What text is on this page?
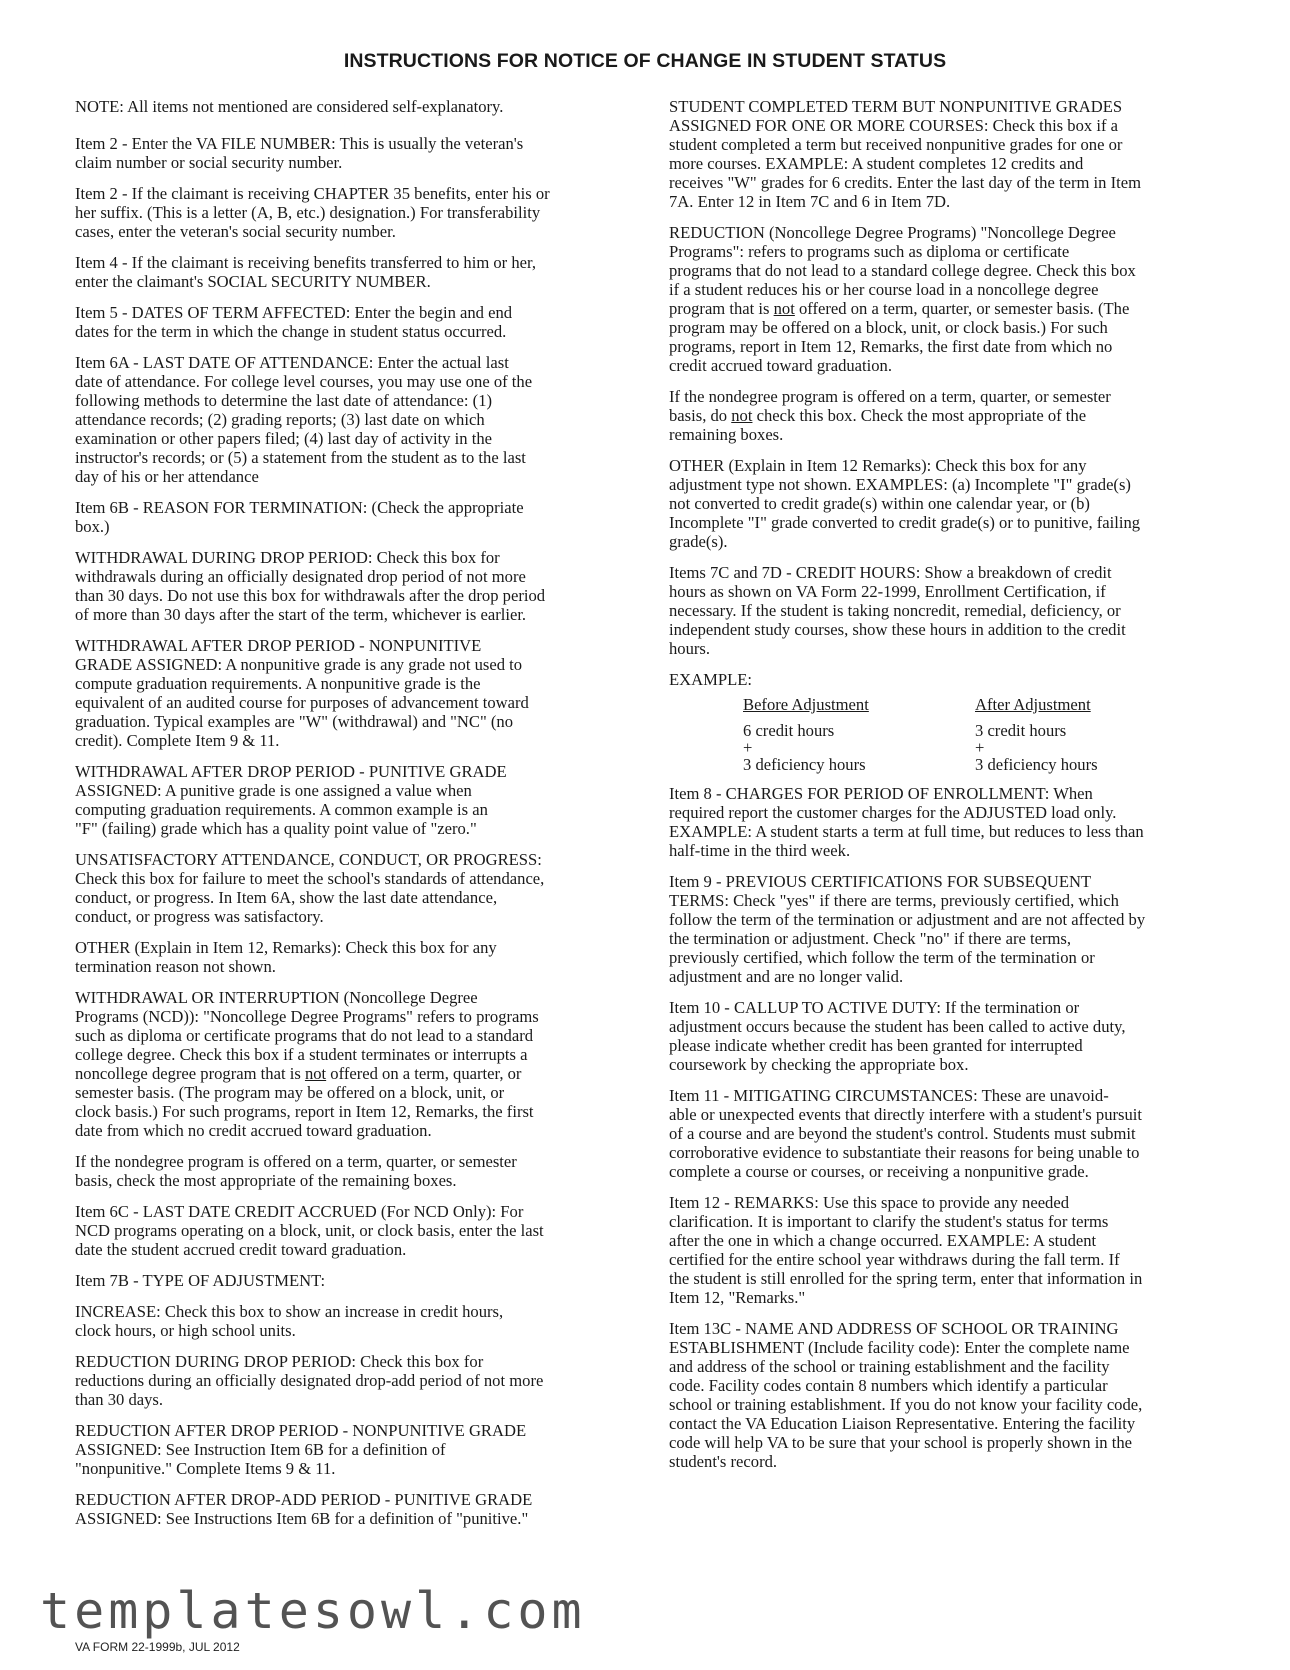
INSTRUCTIONS FOR NOTICE OF CHANGE IN STUDENT STATUS

NOTE: All items not mentioned are considered self-explanatory.

Item 2 - Enter the VA FILE NUMBER: This is usually the veteran's
claim number or social security number.

Item 2 - If the claimant is receiving CHAPTER 35 benefits, enter his or
her suffix. (This is a letter (A, B, etc.) designation.) For transferability
cases, enter the veteran's social security number.

Item 4 - If the claimant is receiving benefits transferred to him or her,
enter the claimant's SOCIAL SECURITY NUMBER.

Item 5 - DATES OF TERM AFFECTED: Enter the begin and end
dates for the term in which the change in student status occurred.

Item 6A - LAST DATE OF ATTENDANCE: Enter the actual last
date of attendance. For college level courses, you may use one of the
following methods to determine the last date of attendance: (1)
attendance records; (2) grading reports; (3) last date on which
examination or other papers filed; (4) last day of activity in the
instructor's records; or (5) a statement from the student as to the last
day of his or her attendance

Item 6B - REASON FOR TERMINATION: (Check the appropriate
box.)

WITHDRAWAL DURING DROP PERIOD: Check this box for
withdrawals during an officially designated drop period of not more
than 30 days. Do not use this box for withdrawals after the drop period
of more than 30 days after the start of the term, whichever is earlier.

WITHDRAWAL AFTER DROP PERIOD - NONPUNITIVE
GRADE ASSIGNED: A nonpunitive grade is any grade not used to
compute graduation requirements. A nonpunitive grade is the
equivalent of an audited course for purposes of advancement toward
graduation. Typical examples are "W" (withdrawal) and "NC" (no
credit). Complete Item 9 & 11.

WITHDRAWAL AFTER DROP PERIOD - PUNITIVE GRADE
ASSIGNED: A punitive grade is one assigned a value when
computing graduation requirements. A common example is an
"F" (failing) grade which has a quality point value of "zero."

UNSATISFACTORY ATTENDANCE, CONDUCT, OR PROGRESS:
Check this box for failure to meet the school's standards of attendance,
conduct, or progress. In Item 6A, show the last date attendance,
conduct, or progress was satisfactory.

OTHER (Explain in Item 12, Remarks): Check this box for any
termination reason not shown.

WITHDRAWAL OR INTERRUPTION (Noncollege Degree
Programs (NCD)): "Noncollege Degree Programs" refers to programs
such as diploma or certificate programs that do not lead to a standard
college degree. Check this box if a student terminates or interrupts a
noncollege degree program that is not offered on a term, quarter, or
semester basis. (The program may be offered on a block, unit, or
clock basis.) For such programs, report in Item 12, Remarks, the first
date from which no credit accrued toward graduation.

If the nondegree program is offered on a term, quarter, or semester
basis, check the most appropriate of the remaining boxes.

Item 6C - LAST DATE CREDIT ACCRUED (For NCD Only): For
NCD programs operating on a block, unit, or clock basis, enter the last
date the student accrued credit toward graduation.

Item 7B - TYPE OF ADJUSTMENT:

INCREASE: Check this box to show an increase in credit hours,
clock hours, or high school units.

REDUCTION DURING DROP PERIOD: Check this box for
reductions during an officially designated drop-add period of not more
than 30 days.

REDUCTION AFTER DROP PERIOD - NONPUNITIVE GRADE
ASSIGNED: See Instruction Item 6B for a definition of
"nonpunitive." Complete Items 9 & 11.

REDUCTION AFTER DROP-ADD PERIOD - PUNITIVE GRADE
ASSIGNED: See Instructions Item 6B for a definition of "punitive."

STUDENT COMPLETED TERM BUT NONPUNITIVE GRADES
ASSIGNED FOR ONE OR MORE COURSES: Check this box if a
student completed a term but received nonpunitive grades for one or
more courses. EXAMPLE: A student completes 12 credits and
receives "W" grades for 6 credits. Enter the last day of the term in Item
7A. Enter 12 in Item 7C and 6 in Item 7D.

REDUCTION (Noncollege Degree Programs) "Noncollege Degree
Programs": refers to programs such as diploma or certificate
programs that do not lead to a standard college degree. Check this box
if a student reduces his or her course load in a noncollege degree
program that is not offered on a term, quarter, or semester basis. (The
program may be offered on a block, unit, or clock basis.) For such
programs, report in Item 12, Remarks, the first date from which no
credit accrued toward graduation.

If the nondegree program is offered on a term, quarter, or semester
basis, do not check this box. Check the most appropriate of the
remaining boxes.

OTHER (Explain in Item 12 Remarks): Check this box for any
adjustment type not shown. EXAMPLES: (a) Incomplete "I" grade(s)
not converted to credit grade(s) within one calendar year, or (b)
Incomplete "I" grade converted to credit grade(s) or to punitive, failing
grade(s).

Items 7C and 7D - CREDIT HOURS: Show a breakdown of credit
hours as shown on VA Form 22-1999, Enrollment Certification, if
necessary. If the student is taking noncredit, remedial, deficiency, or
independent study courses, show these hours in addition to the credit
hours.

EXAMPLE:
Before Adjustment	After Adjustment
6 credit hours	3 credit hours
+	+
3 deficiency hours	3 deficiency hours

Item 8 - CHARGES FOR PERIOD OF ENROLLMENT: When
required report the customer charges for the ADJUSTED load only.
EXAMPLE: A student starts a term at full time, but reduces to less than
half-time in the third week.

Item 9 - PREVIOUS CERTIFICATIONS FOR SUBSEQUENT
TERMS: Check "yes" if there are terms, previously certified, which
follow the term of the termination or adjustment and are not affected by
the termination or adjustment. Check "no" if there are terms,
previously certified, which follow the term of the termination or
adjustment and are no longer valid.

Item 10 - CALLUP TO ACTIVE DUTY: If the termination or
adjustment occurs because the student has been called to active duty,
please indicate whether credit has been granted for interrupted
coursework by checking the appropriate box.

Item 11 - MITIGATING CIRCUMSTANCES: These are unavoid-
able or unexpected events that directly interfere with a student's pursuit
of a course and are beyond the student's control. Students must submit
corroborative evidence to substantiate their reasons for being unable to
complete a course or courses, or receiving a nonpunitive grade.

Item 12 - REMARKS: Use this space to provide any needed
clarification. It is important to clarify the student's status for terms
after the one in which a change occurred. EXAMPLE: A student
certified for the entire school year withdraws during the fall term. If
the student is still enrolled for the spring term, enter that information in
Item 12, "Remarks."

Item 13C - NAME AND ADDRESS OF SCHOOL OR TRAINING
ESTABLISHMENT (Include facility code): Enter the complete name
and address of the school or training establishment and the facility
code. Facility codes contain 8 numbers which identify a particular
school or training establishment. If you do not know your facility code,
contact the VA Education Liaison Representative. Entering the facility
code will help VA to be sure that your school is properly shown in the
student's record.

VA FORM 22-1999b, JUL 2012
templatesowl.com
